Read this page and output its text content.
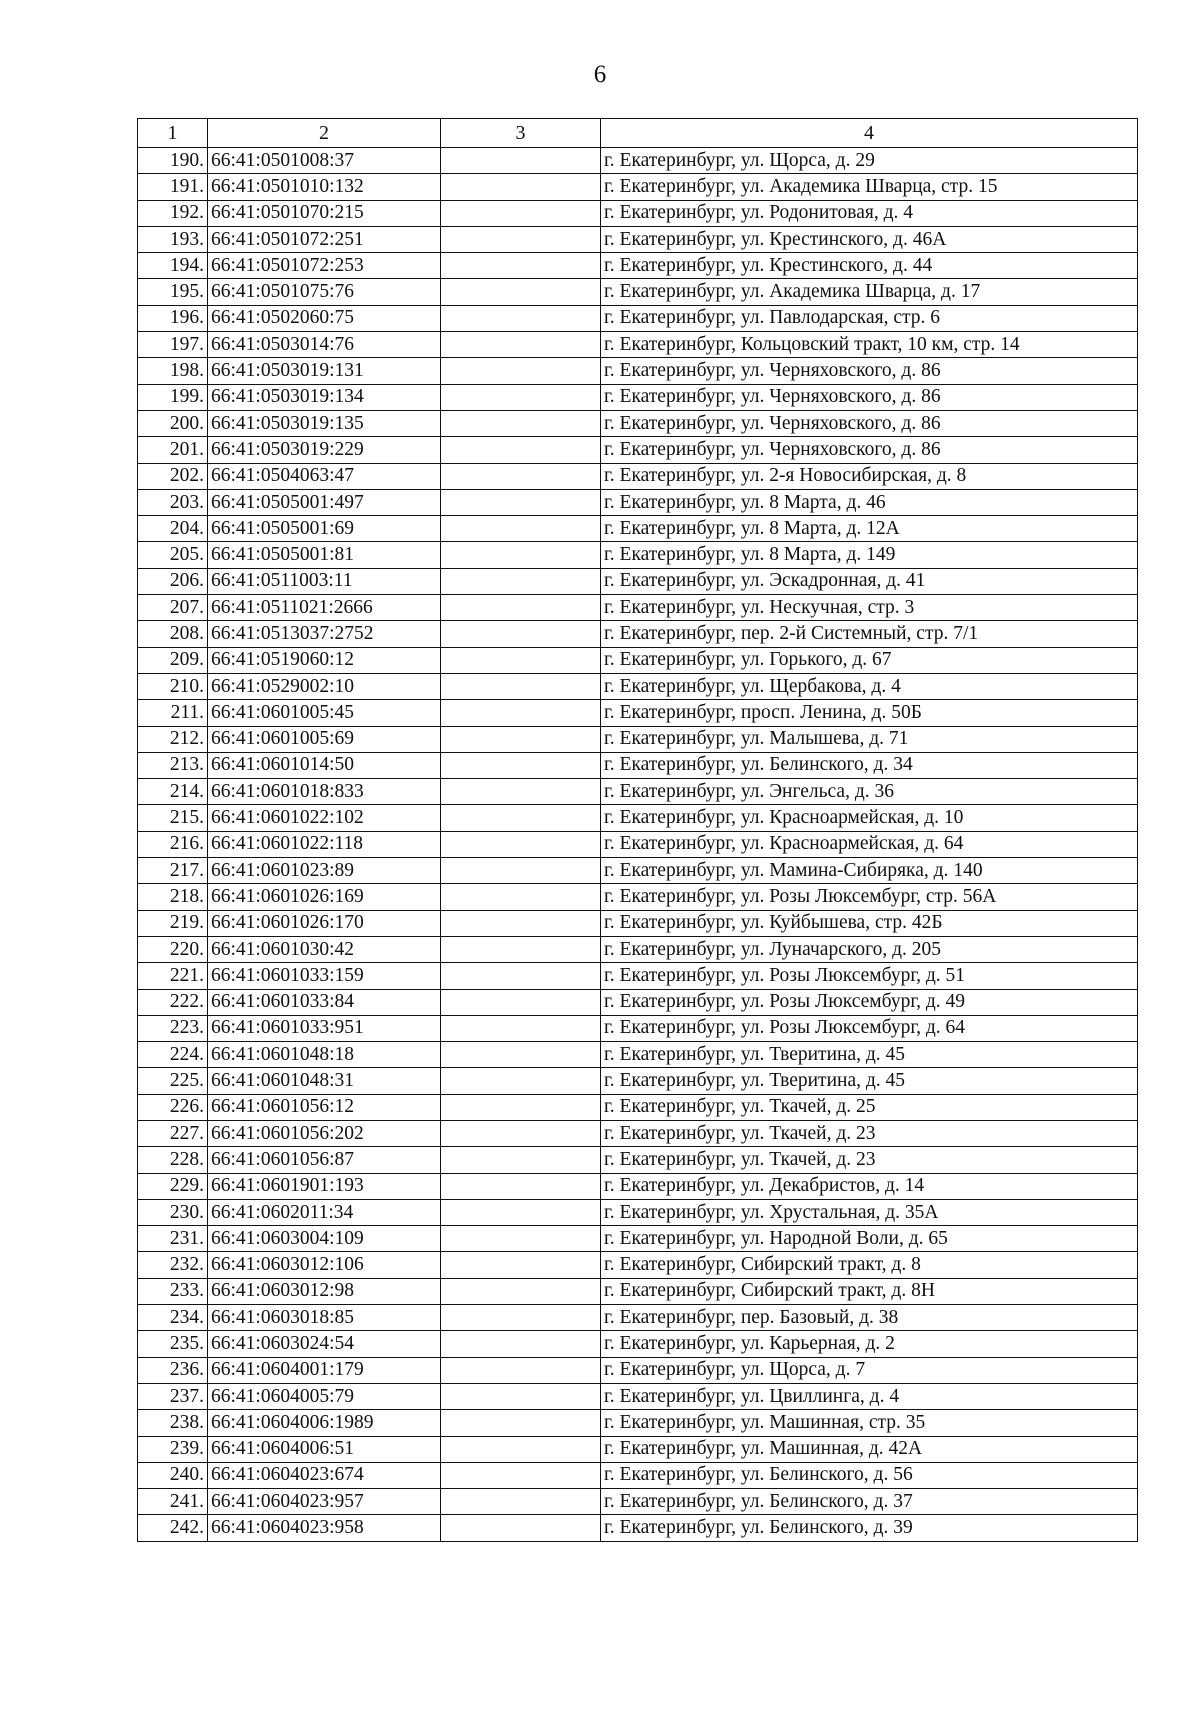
6
1	2	3	4
190.	66:41:0501008:37		г. Екатеринбург, ул. Щорса, д. 29
191.	66:41:0501010:132		г. Екатеринбург, ул. Академика Шварца, стр. 15
192.	66:41:0501070:215		г. Екатеринбург, ул. Родонитовая, д. 4
193.	66:41:0501072:251		г. Екатеринбург, ул. Крестинского, д. 46А
194.	66:41:0501072:253		г. Екатеринбург, ул. Крестинского, д. 44
195.	66:41:0501075:76		г. Екатеринбург, ул. Академика Шварца, д. 17
196.	66:41:0502060:75		г. Екатеринбург, ул. Павлодарская, стр. 6
197.	66:41:0503014:76		г. Екатеринбург, Кольцовский тракт, 10 км, стр. 14
198.	66:41:0503019:131		г. Екатеринбург, ул. Черняховского, д. 86
199.	66:41:0503019:134		г. Екатеринбург, ул. Черняховского, д. 86
200.	66:41:0503019:135		г. Екатеринбург, ул. Черняховского, д. 86
201.	66:41:0503019:229		г. Екатеринбург, ул. Черняховского, д. 86
202.	66:41:0504063:47		г. Екатеринбург, ул. 2-я Новосибирская, д. 8
203.	66:41:0505001:497		г. Екатеринбург, ул. 8 Марта, д. 46
204.	66:41:0505001:69		г. Екатеринбург, ул. 8 Марта, д. 12А
205.	66:41:0505001:81		г. Екатеринбург, ул. 8 Марта, д. 149
206.	66:41:0511003:11		г. Екатеринбург, ул. Эскадронная, д. 41
207.	66:41:0511021:2666		г. Екатеринбург, ул. Нескучная, стр. 3
208.	66:41:0513037:2752		г. Екатеринбург, пер. 2-й Системный, стр. 7/1
209.	66:41:0519060:12		г. Екатеринбург, ул. Горького, д. 67
210.	66:41:0529002:10		г. Екатеринбург, ул. Щербакова, д. 4
211.	66:41:0601005:45		г. Екатеринбург, просп. Ленина, д. 50Б
212.	66:41:0601005:69		г. Екатеринбург, ул. Малышева, д. 71
213.	66:41:0601014:50		г. Екатеринбург, ул. Белинского, д. 34
214.	66:41:0601018:833		г. Екатеринбург, ул. Энгельса, д. 36
215.	66:41:0601022:102		г. Екатеринбург, ул. Красноармейская, д. 10
216.	66:41:0601022:118		г. Екатеринбург, ул. Красноармейская, д. 64
217.	66:41:0601023:89		г. Екатеринбург, ул. Мамина-Сибиряка, д. 140
218.	66:41:0601026:169		г. Екатеринбург, ул. Розы Люксембург, стр. 56А
219.	66:41:0601026:170		г. Екатеринбург, ул. Куйбышева, стр. 42Б
220.	66:41:0601030:42		г. Екатеринбург, ул. Луначарского, д. 205
221.	66:41:0601033:159		г. Екатеринбург, ул. Розы Люксембург, д. 51
222.	66:41:0601033:84		г. Екатеринбург, ул. Розы Люксембург, д. 49
223.	66:41:0601033:951		г. Екатеринбург, ул. Розы Люксембург, д. 64
224.	66:41:0601048:18		г. Екатеринбург, ул. Тверитина, д. 45
225.	66:41:0601048:31		г. Екатеринбург, ул. Тверитина, д. 45
226.	66:41:0601056:12		г. Екатеринбург, ул. Ткачей, д. 25
227.	66:41:0601056:202		г. Екатеринбург, ул. Ткачей, д. 23
228.	66:41:0601056:87		г. Екатеринбург, ул. Ткачей, д. 23
229.	66:41:0601901:193		г. Екатеринбург, ул. Декабристов, д. 14
230.	66:41:0602011:34		г. Екатеринбург, ул. Хрустальная, д. 35А
231.	66:41:0603004:109		г. Екатеринбург, ул. Народной Воли, д. 65
232.	66:41:0603012:106		г. Екатеринбург, Сибирский тракт, д. 8
233.	66:41:0603012:98		г. Екатеринбург, Сибирский тракт, д. 8Н
234.	66:41:0603018:85		г. Екатеринбург, пер. Базовый, д. 38
235.	66:41:0603024:54		г. Екатеринбург, ул. Карьерная, д. 2
236.	66:41:0604001:179		г. Екатеринбург, ул. Щорса, д. 7
237.	66:41:0604005:79		г. Екатеринбург, ул. Цвиллинга, д. 4
238.	66:41:0604006:1989		г. Екатеринбург, ул. Машинная, стр. 35
239.	66:41:0604006:51		г. Екатеринбург, ул. Машинная, д. 42А
240.	66:41:0604023:674		г. Екатеринбург, ул. Белинского, д. 56
241.	66:41:0604023:957		г. Екатеринбург, ул. Белинского, д. 37
242.	66:41:0604023:958		г. Екатеринбург, ул. Белинского, д. 39
